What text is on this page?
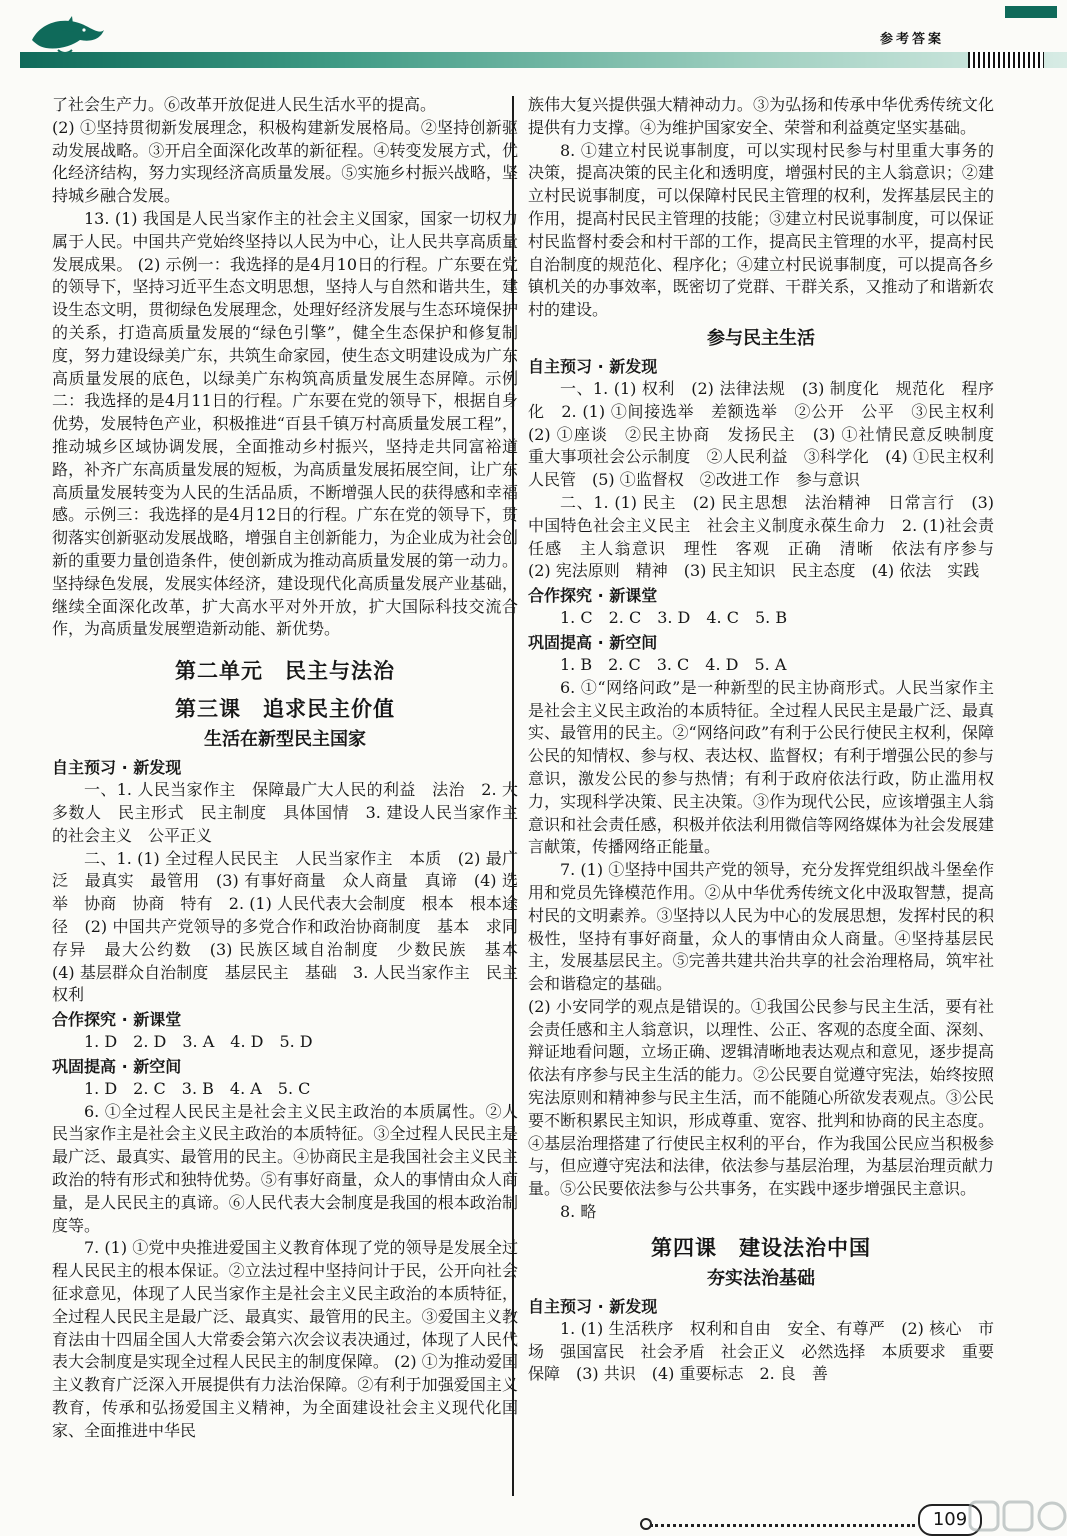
参考答案

了社会生产力。⑥改革开放促进人民生活水平的提高。

(2) ①坚持贯彻新发展理念，积极构建新发展格局。②坚持创新驱动发展战略。③开启全面深化改革的新征程。④转变发展方式，优化经济结构，努力实现经济高质量发展。⑤实施乡村振兴战略，坚持城乡融合发展。

13. (1) 我国是人民当家作主的社会主义国家，国家一切权力属于人民。中国共产党始终坚持以人民为中心，让人民共享高质量发展成果。 (2) 示例一：我选择的是4月10日的行程。广东要在党的领导下，坚持习近平生态文明思想，坚持人与自然和谐共生，建设生态文明，贯彻绿色发展理念，处理好经济发展与生态环境保护的关系，打造高质量发展的“绿色引擎”，健全生态保护和修复制度，努力建设绿美广东，共筑生命家园，使生态文明建设成为广东高质量发展的底色，以绿美广东构筑高质量发展生态屏障。示例二：我选择的是4月11日的行程。广东要在党的领导下，根据自身优势，发展特色产业，积极推进“百县千镇万村高质量发展工程”，推动城乡区域协调发展，全面推动乡村振兴，坚持走共同富裕道路，补齐广东高质量发展的短板，为高质量发展拓展空间，让广东高质量发展转变为人民的生活品质，不断增强人民的获得感和幸福感。示例三：我选择的是4月12日的行程。广东在党的领导下，贯彻落实创新驱动发展战略，增强自主创新能力，为企业成为社会创新的重要力量创造条件，使创新成为推动高质量发展的第一动力。坚持绿色发展，发展实体经济，建设现代化高质量发展产业基础，继续全面深化改革，扩大高水平对外开放，扩大国际科技交流合作，为高质量发展塑造新动能、新优势。

第二单元　民主与法治
第三课　追求民主价值
生活在新型民主国家
自主预习 · 新发现

一、1. 人民当家作主　保障最广大人民的利益　法治　2. 大多数人　民主形式　民主制度　具体国情　3. 建设人民当家作主的社会主义　公平正义

二、1. (1) 全过程人民民主　人民当家作主　本质　(2) 最广泛　最真实　最管用　(3) 有事好商量　众人商量　真谛　(4) 选举　协商　协商　特有　2. (1) 人民代表大会制度　根本　根本途径　(2) 中国共产党领导的多党合作和政治协商制度　基本　求同存异　最大公约数　(3) 民族区域自治制度　少数民族　基本　(4) 基层群众自治制度　基层民主　基础　3. 人民当家作主　民主权利

合作探究 · 新课堂

1. D　2. D　3. A　4. D　5. D

巩固提高 · 新空间

1. D　2. C　3. B　4. A　5. C

6. ①全过程人民民主是社会主义民主政治的本质属性。②人民当家作主是社会主义民主政治的本质特征。③全过程人民民主是最广泛、最真实、最管用的民主。④协商民主是我国社会主义民主政治的特有形式和独特优势。⑤有事好商量，众人的事情由众人商量，是人民民主的真谛。⑥人民代表大会制度是我国的根本政治制度等。

7. (1) ①党中央推进爱国主义教育体现了党的领导是发展全过程人民民主的根本保证。②立法过程中坚持问计于民，公开向社会征求意见，体现了人民当家作主是社会主义民主政治的本质特征，全过程人民民主是最广泛、最真实、最管用的民主。③爱国主义教育法由十四届全国人大常委会第六次会议表决通过，体现了人民代表大会制度是实现全过程人民民主的制度保障。 (2) ①为推动爱国主义教育广泛深入开展提供有力法治保障。②有利于加强爱国主义教育，传承和弘扬爱国主义精神，为全面建设社会主义现代化国家、全面推进中华民

族伟大复兴提供强大精神动力。③为弘扬和传承中华优秀传统文化提供有力支撑。④为维护国家安全、荣誉和利益奠定坚实基础。

8. ①建立村民说事制度，可以实现村民参与村里重大事务的决策，提高决策的民主化和透明度，增强村民的主人翁意识；②建立村民说事制度，可以保障村民民主管理的权利，发挥基层民主的作用，提高村民民主管理的技能；③建立村民说事制度，可以保证村民监督村委会和村干部的工作，提高民主管理的水平，提高村民自治制度的规范化、程序化；④建立村民说事制度，可以提高各乡镇机关的办事效率，既密切了党群、干群关系，又推动了和谐新农村的建设。

参与民主生活
自主预习 · 新发现

一、1. (1) 权利　(2) 法律法规　(3) 制度化　规范化　程序化　2. (1) ①间接选举　差额选举　②公开　公平　③民主权利　(2) ①座谈　②民主协商　发扬民主　(3) ①社情民意反映制度　重大事项社会公示制度　②人民利益　③科学化　(4) ①民主权利　人民管　(5) ①监督权　②改进工作　参与意识

二、1. (1) 民主　(2) 民主思想　法治精神　日常言行　(3) 中国特色社会主义民主　社会主义制度永葆生命力　2. (1)社会责任感　主人翁意识　理性　客观　正确　清晰　依法有序参与　(2) 宪法原则　精神　(3) 民主知识　民主态度　(4) 依法　实践

合作探究 · 新课堂

1. C　2. C　3. D　4. C　5. B

巩固提高 · 新空间

1. B　2. C　3. C　4. D　5. A

6. ①“网络问政”是一种新型的民主协商形式。人民当家作主是社会主义民主政治的本质特征。全过程人民民主是最广泛、最真实、最管用的民主。②“网络问政”有利于公民行使民主权利，保障公民的知情权、参与权、表达权、监督权；有利于增强公民的参与意识，激发公民的参与热情；有利于政府依法行政，防止滥用权力，实现科学决策、民主决策。③作为现代公民，应该增强主人翁意识和社会责任感，积极并依法利用微信等网络媒体为社会发展建言献策，传播网络正能量。

7. (1) ①坚持中国共产党的领导，充分发挥党组织战斗堡垒作用和党员先锋模范作用。②从中华优秀传统文化中汲取智慧，提高村民的文明素养。③坚持以人民为中心的发展思想，发挥村民的积极性，坚持有事好商量，众人的事情由众人商量。④坚持基层民主，发展基层民主。⑤完善共建共治共享的社会治理格局，筑牢社会和谐稳定的基础。

(2) 小安同学的观点是错误的。①我国公民参与民主生活，要有社会责任感和主人翁意识，以理性、公正、客观的态度全面、深刻、辩证地看问题，立场正确、逻辑清晰地表达观点和意见，逐步提高依法有序参与民主生活的能力。②公民要自觉遵守宪法，始终按照宪法原则和精神参与民主生活，而不能随心所欲发表观点。③公民要不断积累民主知识，形成尊重、宽容、批判和协商的民主态度。④基层治理搭建了行使民主权利的平台，作为我国公民应当积极参与，但应遵守宪法和法律，依法参与基层治理，为基层治理贡献力量。⑤公民要依法参与公共事务，在实践中逐步增强民主意识。

8. 略

第四课　建设法治中国
夯实法治基础
自主预习 · 新发现

1. (1) 生活秩序　权利和自由　安全、有尊严　(2) 核心　市场　强国富民　社会矛盾　社会正义　必然选择　本质要求　重要保障　(3) 共识　(4) 重要标志　2. 良　善

109
